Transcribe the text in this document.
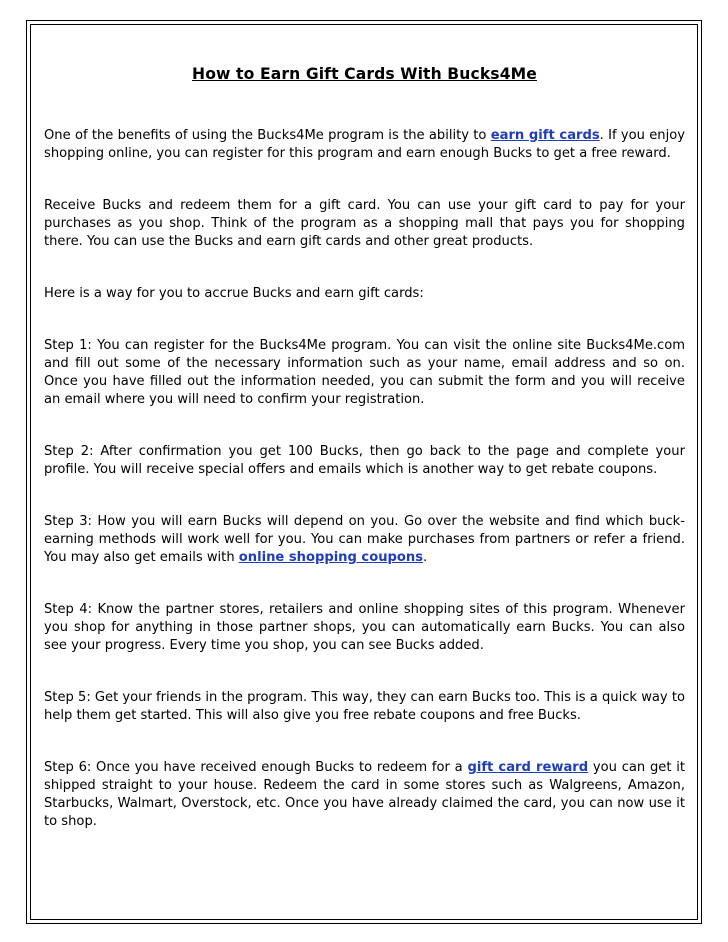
How to Earn Gift Cards With Bucks4Me

One of the benefits of using the Bucks4Me program is the ability to earn gift cards. If you enjoy shopping online, you can register for this program and earn enough Bucks to get a free reward.

Receive Bucks and redeem them for a gift card. You can use your gift card to pay for your purchases as you shop. Think of the program as a shopping mall that pays you for shopping there. You can use the Bucks and earn gift cards and other great products.

Here is a way for you to accrue Bucks and earn gift cards:

Step 1: You can register for the Bucks4Me program. You can visit the online site Bucks4Me.com and fill out some of the necessary information such as your name, email address and so on. Once you have filled out the information needed, you can submit the form and you will receive an email where you will need to confirm your registration.

Step 2: After confirmation you get 100 Bucks, then go back to the page and complete your profile. You will receive special offers and emails which is another way to get rebate coupons.

Step 3: How you will earn Bucks will depend on you. Go over the website and find which buck-earning methods will work well for you. You can make purchases from partners or refer a friend. You may also get emails with online shopping coupons.

Step 4: Know the partner stores, retailers and online shopping sites of this program. Whenever you shop for anything in those partner shops, you can automatically earn Bucks. You can also see your progress. Every time you shop, you can see Bucks added.

Step 5: Get your friends in the program. This way, they can earn Bucks too. This is a quick way to help them get started. This will also give you free rebate coupons and free Bucks.

Step 6: Once you have received enough Bucks to redeem for a gift card reward you can get it shipped straight to your house. Redeem the card in some stores such as Walgreens, Amazon, Starbucks, Walmart, Overstock, etc. Once you have already claimed the card, you can now use it to shop.
